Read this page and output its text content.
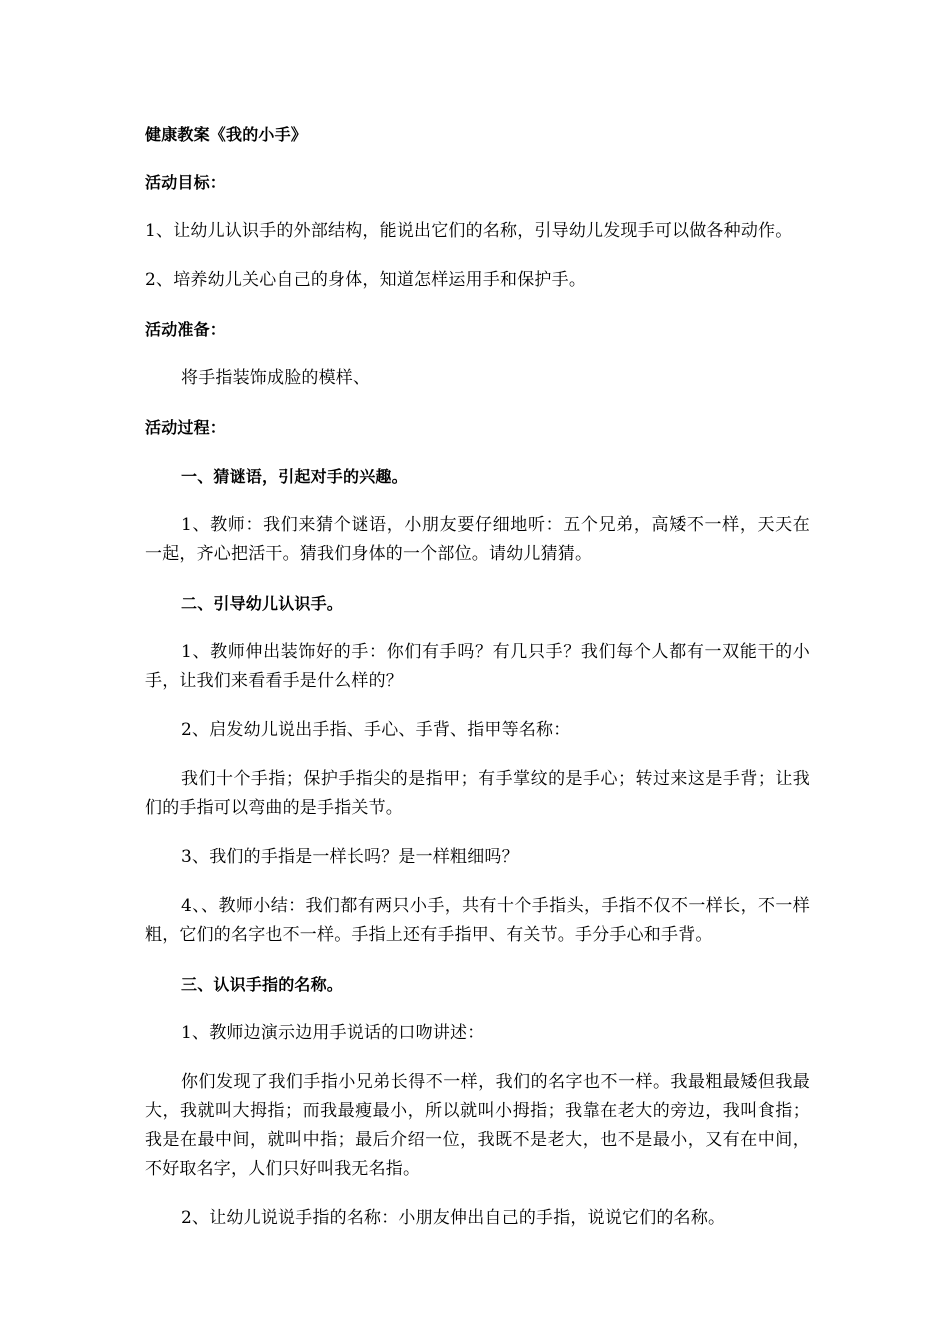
健康教案《我的小手》

活动目标：

1、让幼儿认识手的外部结构，能说出它们的名称，引导幼儿发现手可以做各种动作。

2、培养幼儿关心自己的身体，知道怎样运用手和保护手。

活动准备：

将手指装饰成脸的模样、

活动过程：

一、猜谜语，引起对手的兴趣。

1、教师：我们来猜个谜语，小朋友要仔细地听：五个兄弟，高矮不一样，天天在一起，齐心把活干。猜我们身体的一个部位。请幼儿猜猜。

二、引导幼儿认识手。

1、教师伸出装饰好的手：你们有手吗？有几只手？我们每个人都有一双能干的小手，让我们来看看手是什么样的？

2、启发幼儿说出手指、手心、手背、指甲等名称：

我们十个手指；保护手指尖的是指甲；有手掌纹的是手心；转过来这是手背；让我们的手指可以弯曲的是手指关节。

3、我们的手指是一样长吗？是一样粗细吗？

4、、教师小结：我们都有两只小手，共有十个手指头，手指不仅不一样长，不一样粗，它们的名字也不一样。手指上还有手指甲、有关节。手分手心和手背。

三、认识手指的名称。

1、教师边演示边用手说话的口吻讲述：

你们发现了我们手指小兄弟长得不一样，我们的名字也不一样。我最粗最矮但我最大，我就叫大拇指；而我最瘦最小，所以就叫小拇指；我靠在老大的旁边，我叫食指；我是在最中间，就叫中指；最后介绍一位，我既不是老大，也不是最小，又有在中间，不好取名字，人们只好叫我无名指。

2、让幼儿说说手指的名称：小朋友伸出自己的手指，说说它们的名称。
